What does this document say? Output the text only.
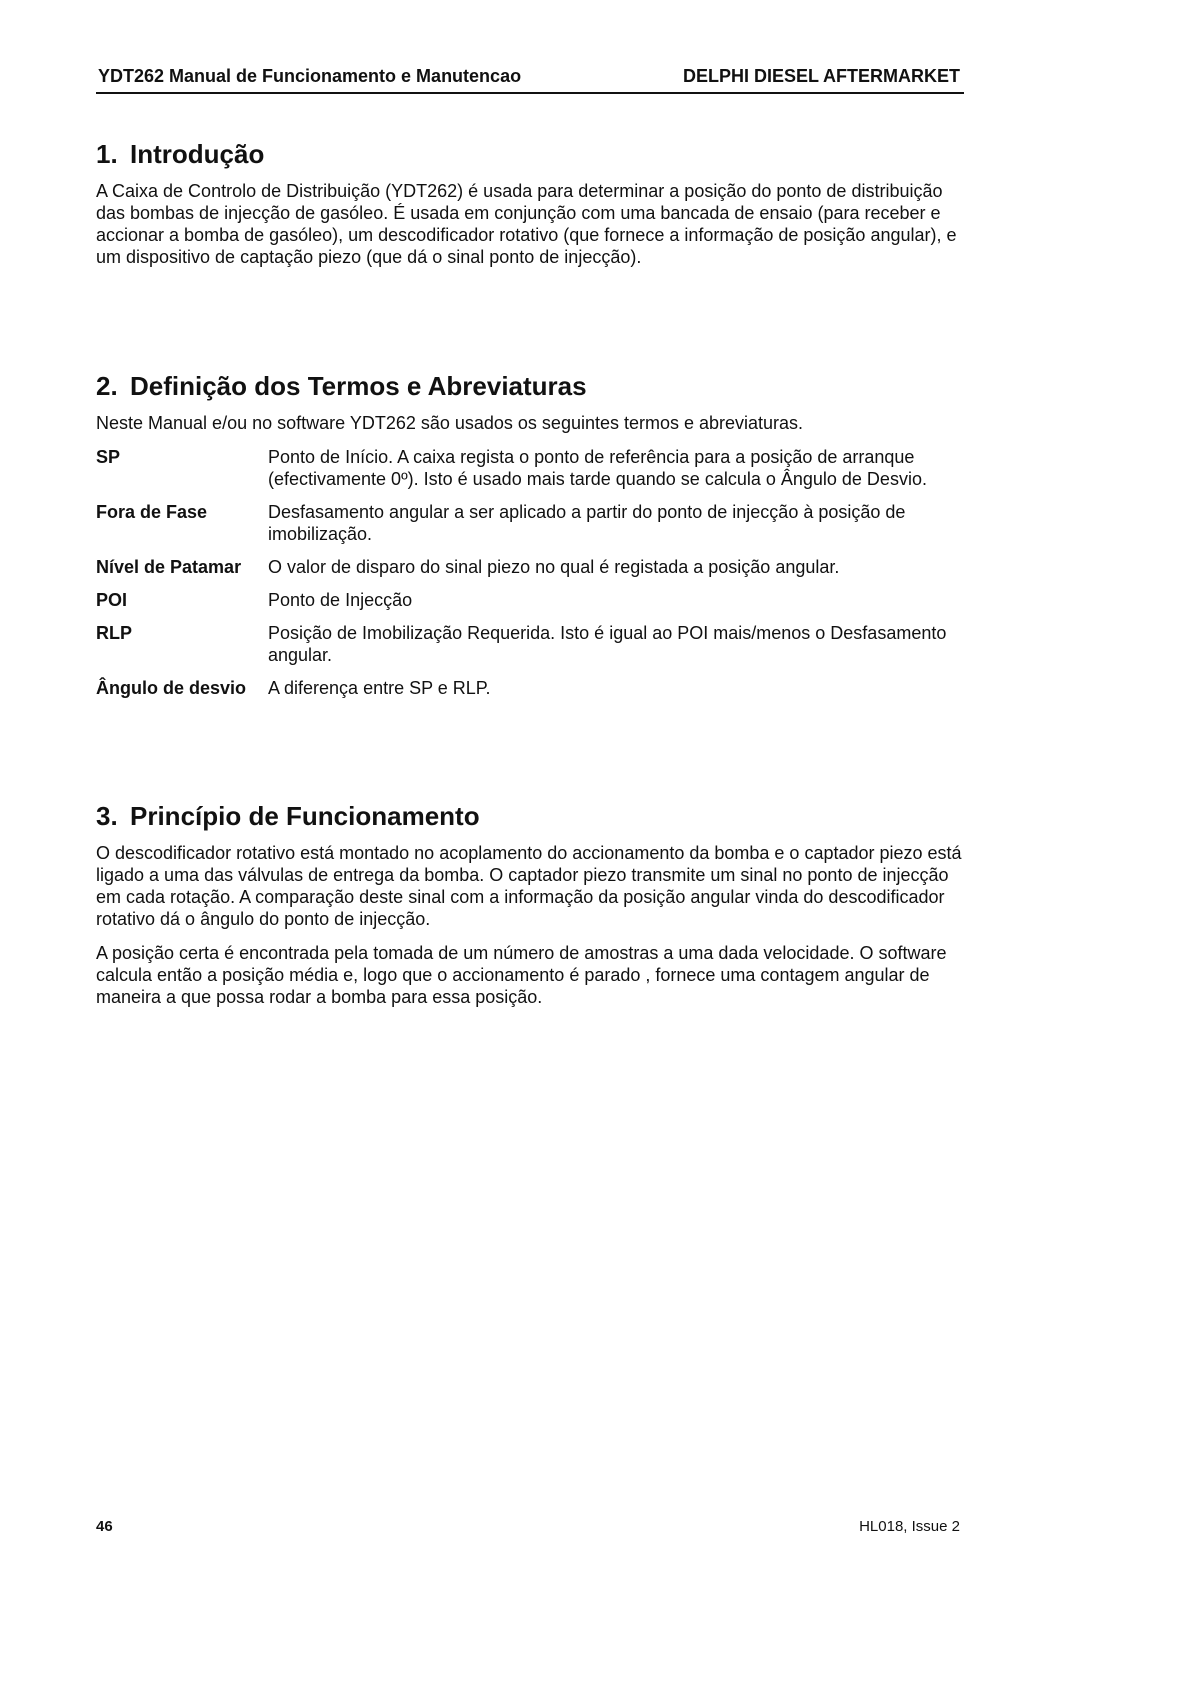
YDT262 Manual de Funcionamento e Manutencao	DELPHI DIESEL AFTERMARKET
1. Introdução

A Caixa de Controlo de Distribuição (YDT262) é usada para determinar a posição do ponto de distribuição das bombas de injecção de gasóleo. É usada em conjunção com uma bancada de ensaio (para receber e accionar a bomba de gasóleo), um descodificador rotativo (que fornece a informação de posição angular), e um dispositivo de captação piezo (que dá o sinal ponto de injecção).

2. Definição dos Termos e Abreviaturas

Neste Manual e/ou no software YDT262 são usados os seguintes termos e abreviaturas.

SP	Ponto de Início. A caixa regista o ponto de referência para a posição de arranque (efectivamente 0º). Isto é usado mais tarde quando se calcula o Ângulo de Desvio.
Fora de Fase	Desfasamento angular a ser aplicado a partir do ponto de injecção à posição de imobilização.
Nível de Patamar	O valor de disparo do sinal piezo no qual é registada a posição angular.
POI	Ponto de Injecção
RLP	Posição de Imobilização Requerida. Isto é igual ao POI mais/menos o Desfasamento angular.
Ângulo de desvio	A diferença entre SP e RLP.
3. Princípio de Funcionamento

O descodificador rotativo está montado no acoplamento do accionamento da bomba e o captador piezo está ligado a uma das válvulas de entrega da bomba. O captador piezo transmite um sinal no ponto de injecção em cada rotação. A comparação deste sinal com a informação da posição angular vinda do descodificador rotativo dá o ângulo do ponto de injecção.

A posição certa é encontrada pela tomada de um número de amostras a uma dada velocidade. O software calcula então a posição média e, logo que o accionamento é parado , fornece uma contagem angular de maneira a que possa rodar a bomba para essa posição.

46	HL018, Issue 2
